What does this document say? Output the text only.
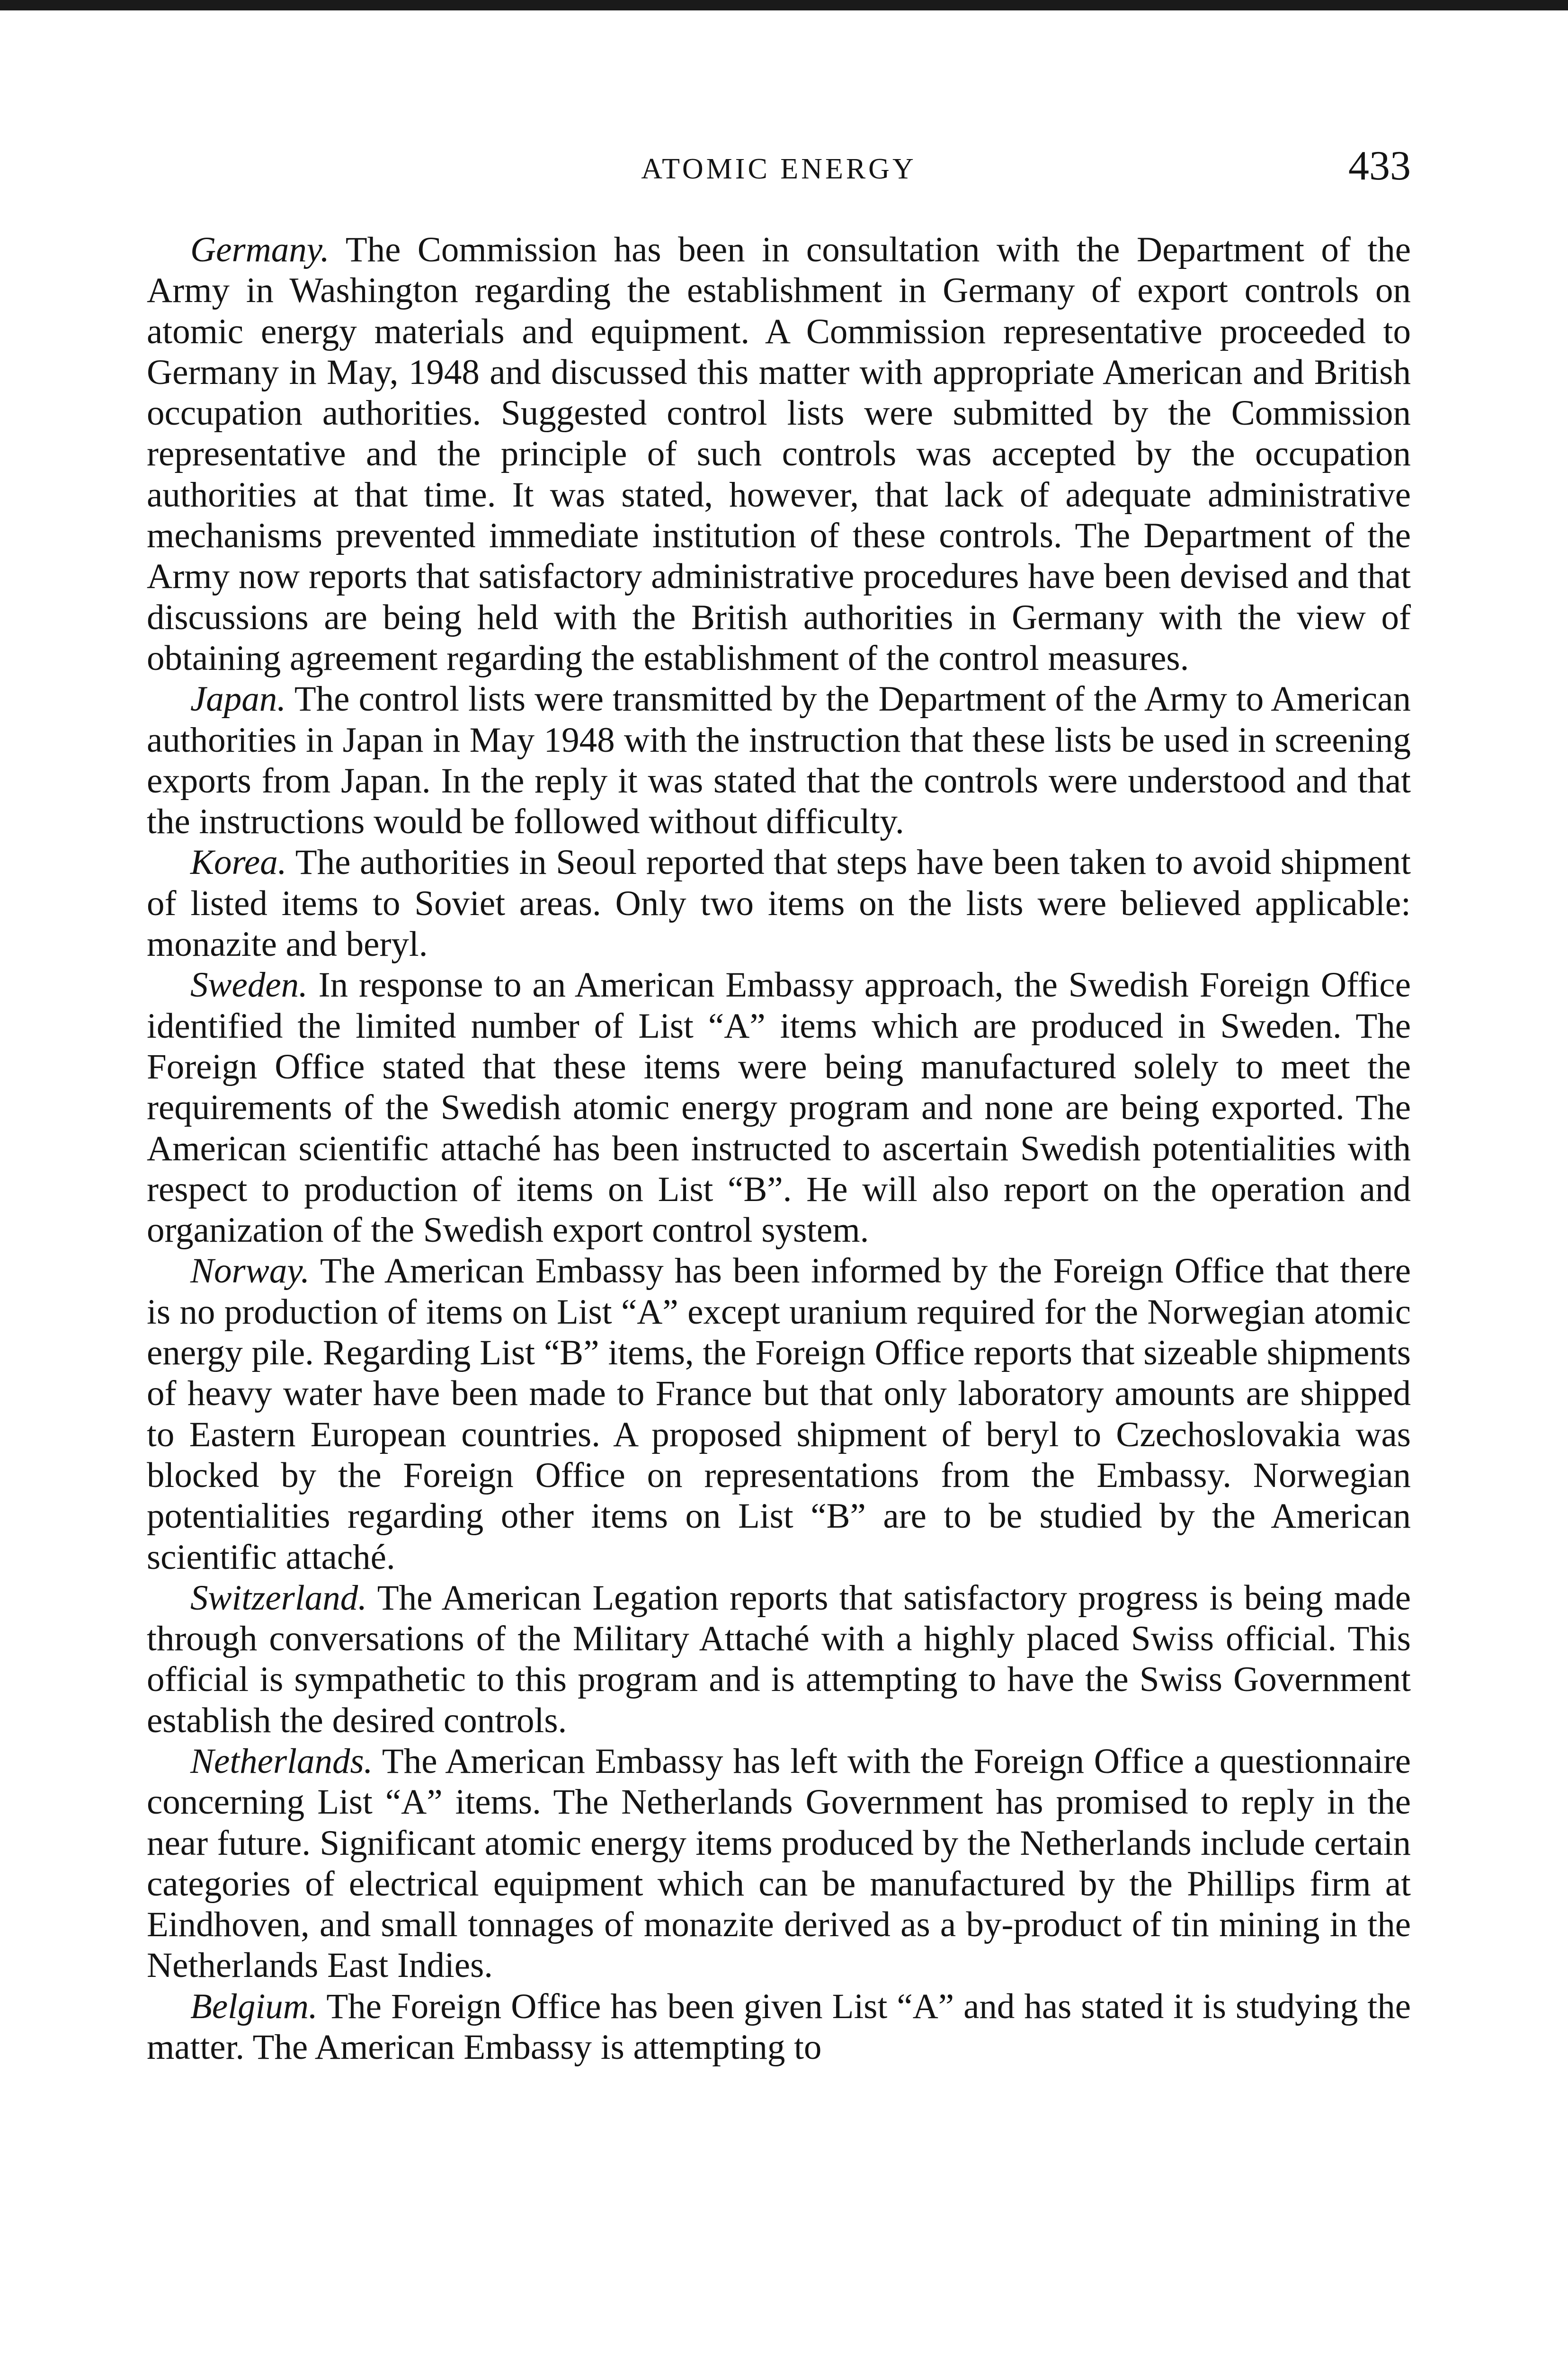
ATOMIC ENERGY	433

Germany. The Commission has been in consultation with the Department of the Army in Washington regarding the establishment in Germany of export controls on atomic energy materials and equipment. A Commission representative proceeded to Germany in May, 1948 and discussed this matter with appropriate American and British occupation authorities. Suggested control lists were submitted by the Commission representative and the principle of such controls was accepted by the occupation authorities at that time. It was stated, however, that lack of adequate administrative mechanisms prevented immediate institution of these controls. The Department of the Army now reports that satisfactory administrative procedures have been devised and that discussions are being held with the British authorities in Germany with the view of obtaining agreement regarding the establishment of the control measures.

Japan. The control lists were transmitted by the Department of the Army to American authorities in Japan in May 1948 with the instruction that these lists be used in screening exports from Japan. In the reply it was stated that the controls were understood and that the instructions would be followed without difficulty.

Korea. The authorities in Seoul reported that steps have been taken to avoid shipment of listed items to Soviet areas. Only two items on the lists were believed applicable: monazite and beryl.

Sweden. In response to an American Embassy approach, the Swedish Foreign Office identified the limited number of List “A” items which are produced in Sweden. The Foreign Office stated that these items were being manufactured solely to meet the requirements of the Swedish atomic energy program and none are being exported. The American scientific attaché has been instructed to ascertain Swedish potentialities with respect to production of items on List “B”. He will also report on the operation and organization of the Swedish export control system.

Norway. The American Embassy has been informed by the Foreign Office that there is no production of items on List “A” except uranium required for the Norwegian atomic energy pile. Regarding List “B” items, the Foreign Office reports that sizeable shipments of heavy water have been made to France but that only laboratory amounts are shipped to Eastern European countries. A proposed shipment of beryl to Czechoslovakia was blocked by the Foreign Office on representations from the Embassy. Norwegian potentialities regarding other items on List “B” are to be studied by the American scientific attaché.

Switzerland. The American Legation reports that satisfactory progress is being made through conversations of the Military Attaché with a highly placed Swiss official. This official is sympathetic to this program and is attempting to have the Swiss Government establish the desired controls.

Netherlands. The American Embassy has left with the Foreign Office a questionnaire concerning List “A” items. The Netherlands Government has promised to reply in the near future. Significant atomic energy items produced by the Netherlands include certain categories of electrical equipment which can be manufactured by the Phillips firm at Eindhoven, and small tonnages of monazite derived as a by-product of tin mining in the Netherlands East Indies.

Belgium. The Foreign Office has been given List “A” and has stated it is studying the matter. The American Embassy is attempting to
